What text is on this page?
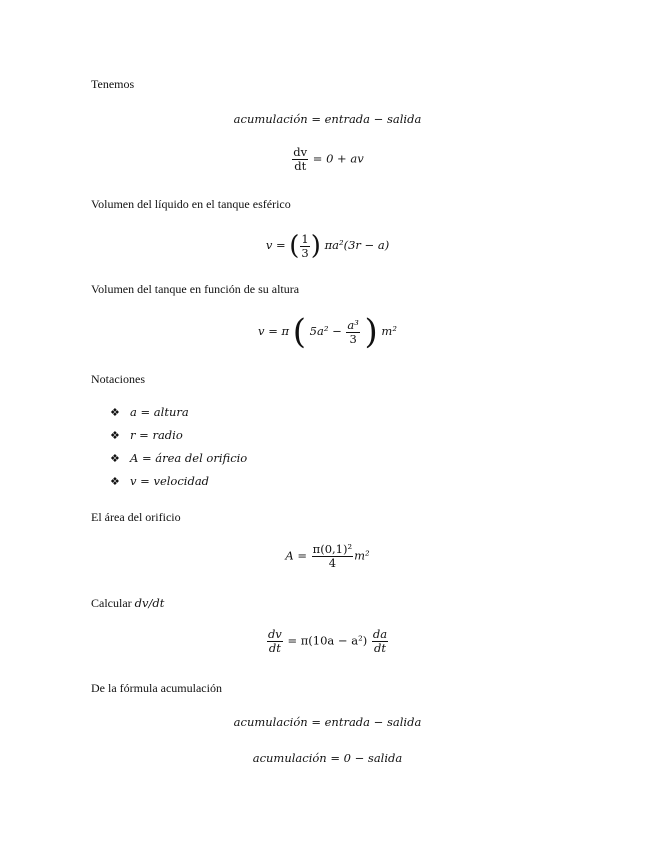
Tenemos
acumulación = entrada − salida
$\frac{dv}{dt} = 0$ + av
Volumen del líquido en el tanque esférico
v = ( $\frac{1}{3}$ ) πa²(3r − a)
Volumen del tanque en función de su altura
v = π ( $5a^2 - \frac{\text{a³}}{3}$ ) m²
Notaciones
❖ a = altura
❖ r = radio
❖ A = área del orificio
❖ v = velocidad
El área del orificio
$A = \frac{\text{π(0,1)²}}{4} m^2$
Calcular dv/dt
$\frac{dv}{dt} = \pi(10a - a^2) \frac{da}{dt}$
De la fórmula acumulación
acumulación = entrada − salida
acumulación = 0 − salida
